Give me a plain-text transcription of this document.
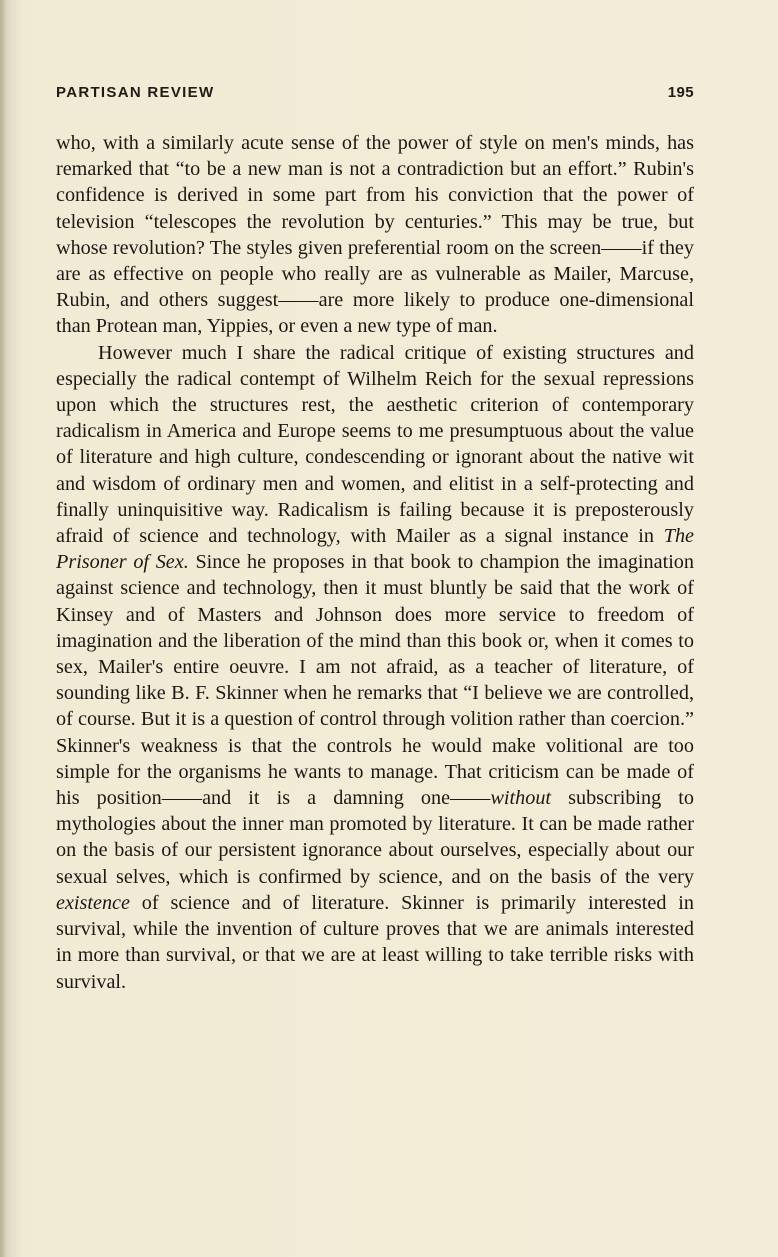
PARTISAN REVIEW	195

who, with a similarly acute sense of the power of style on men's minds, has remarked that “to be a new man is not a contradiction but an effort.” Rubin's confidence is derived in some part from his conviction that the power of television “telescopes the revolution by centuries.” This may be true, but whose revolution? The styles given preferential room on the screen——if they are as effective on people who really are as vulnerable as Mailer, Marcuse, Rubin, and others suggest——are more likely to produce one-dimensional than Protean man, Yippies, or even a new type of man.

However much I share the radical critique of existing structures and especially the radical contempt of Wilhelm Reich for the sexual repressions upon which the structures rest, the aesthetic criterion of contemporary radicalism in America and Europe seems to me presumptuous about the value of literature and high culture, condescending or ignorant about the native wit and wisdom of ordinary men and women, and elitist in a self-protecting and finally uninquisitive way. Radicalism is failing because it is preposterously afraid of science and technology, with Mailer as a signal instance in The Prisoner of Sex. Since he proposes in that book to champion the imagination against science and technology, then it must bluntly be said that the work of Kinsey and of Masters and Johnson does more service to freedom of imagination and the liberation of the mind than this book or, when it comes to sex, Mailer's entire oeuvre. I am not afraid, as a teacher of literature, of sounding like B. F. Skinner when he remarks that “I believe we are controlled, of course. But it is a question of control through volition rather than coercion.” Skinner's weakness is that the controls he would make volitional are too simple for the organisms he wants to manage. That criticism can be made of his position——and it is a damning one——without subscribing to mythologies about the inner man promoted by literature. It can be made rather on the basis of our persistent ignorance about ourselves, especially about our sexual selves, which is confirmed by science, and on the basis of the very existence of science and of literature. Skinner is primarily interested in survival, while the invention of culture proves that we are animals interested in more than survival, or that we are at least willing to take terrible risks with survival.
